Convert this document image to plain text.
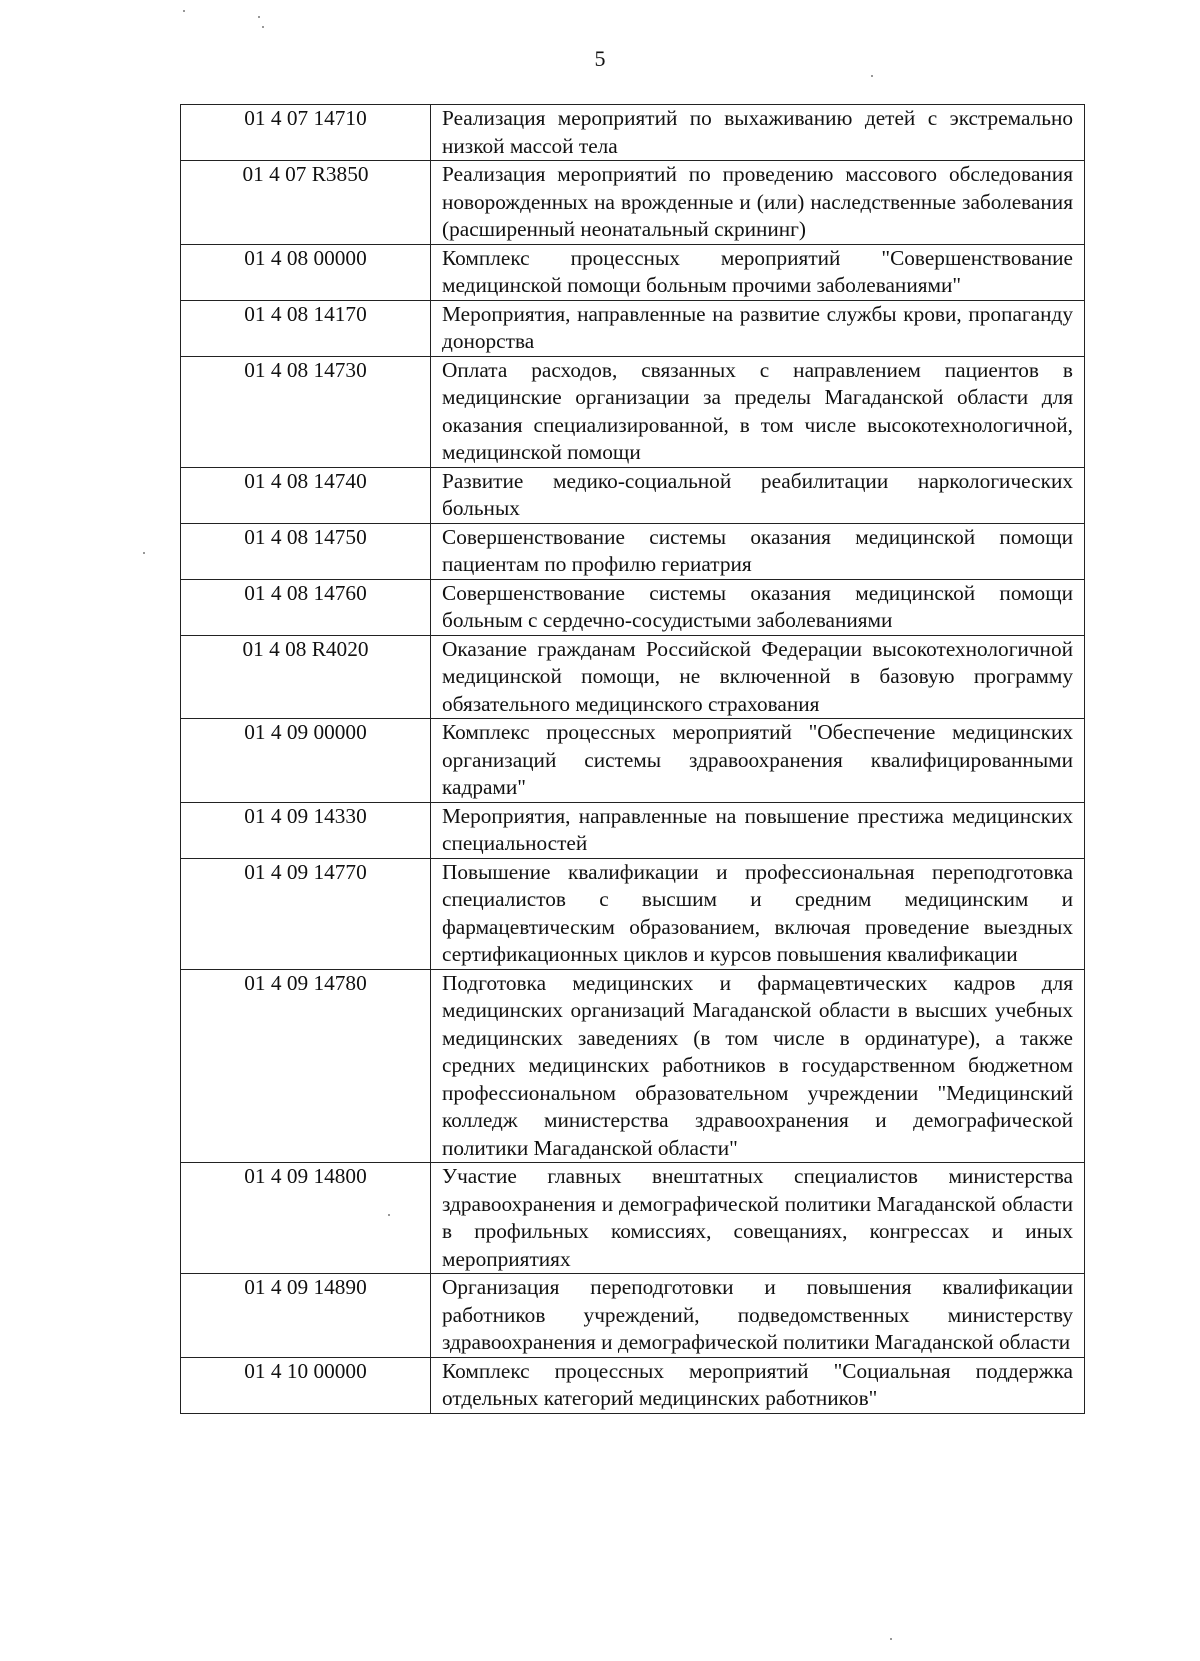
5
01 4 07 14710	Реализация мероприятий по выхаживанию детей с экстремально низкой массой тела
01 4 07 R3850	Реализация мероприятий по проведению массового обследования новорожденных на врожденные и (или) наследственные заболевания (расширенный неонатальный скрининг)
01 4 08 00000	Комплекс процессных мероприятий "Совершенствование медицинской помощи больным прочими заболеваниями"
01 4 08 14170	Мероприятия, направленные на развитие службы крови, пропаганду донорства
01 4 08 14730	Оплата расходов, связанных с направлением пациентов в медицинские организации за пределы Магаданской области для оказания специализированной, в том числе высокотехнологичной, медицинской помощи
01 4 08 14740	Развитие медико-социальной реабилитации наркологических больных
01 4 08 14750	Совершенствование системы оказания медицинской помощи пациентам по профилю гериатрия
01 4 08 14760	Совершенствование системы оказания медицинской помощи больным с сердечно-сосудистыми заболеваниями
01 4 08 R4020	Оказание гражданам Российской Федерации высокотехнологичной медицинской помощи, не включенной в базовую программу обязательного медицинского страхования
01 4 09 00000	Комплекс процессных мероприятий "Обеспечение медицинских организаций системы здравоохранения квалифицированными кадрами"
01 4 09 14330	Мероприятия, направленные на повышение престижа медицинских специальностей
01 4 09 14770	Повышение квалификации и профессиональная переподготовка специалистов с высшим и средним медицинским и фармацевтическим образованием, включая проведение выездных сертификационных циклов и курсов повышения квалификации
01 4 09 14780	Подготовка медицинских и фармацевтических кадров для медицинских организаций Магаданской области в высших учебных медицинских заведениях (в том числе в ординатуре), а также средних медицинских работников в государственном бюджетном профессиональном образовательном учреждении "Медицинский колледж министерства здравоохранения и демографической политики Магаданской области"
01 4 09 14800	Участие главных внештатных специалистов министерства здравоохранения и демографической политики Магаданской области в профильных комиссиях, совещаниях, конгрессах и иных мероприятиях
01 4 09 14890	Организация переподготовки и повышения квалификации работников учреждений, подведомственных министерству здравоохранения и демографической политики Магаданской области
01 4 10 00000	Комплекс процессных мероприятий "Социальная поддержка отдельных категорий медицинских работников"
